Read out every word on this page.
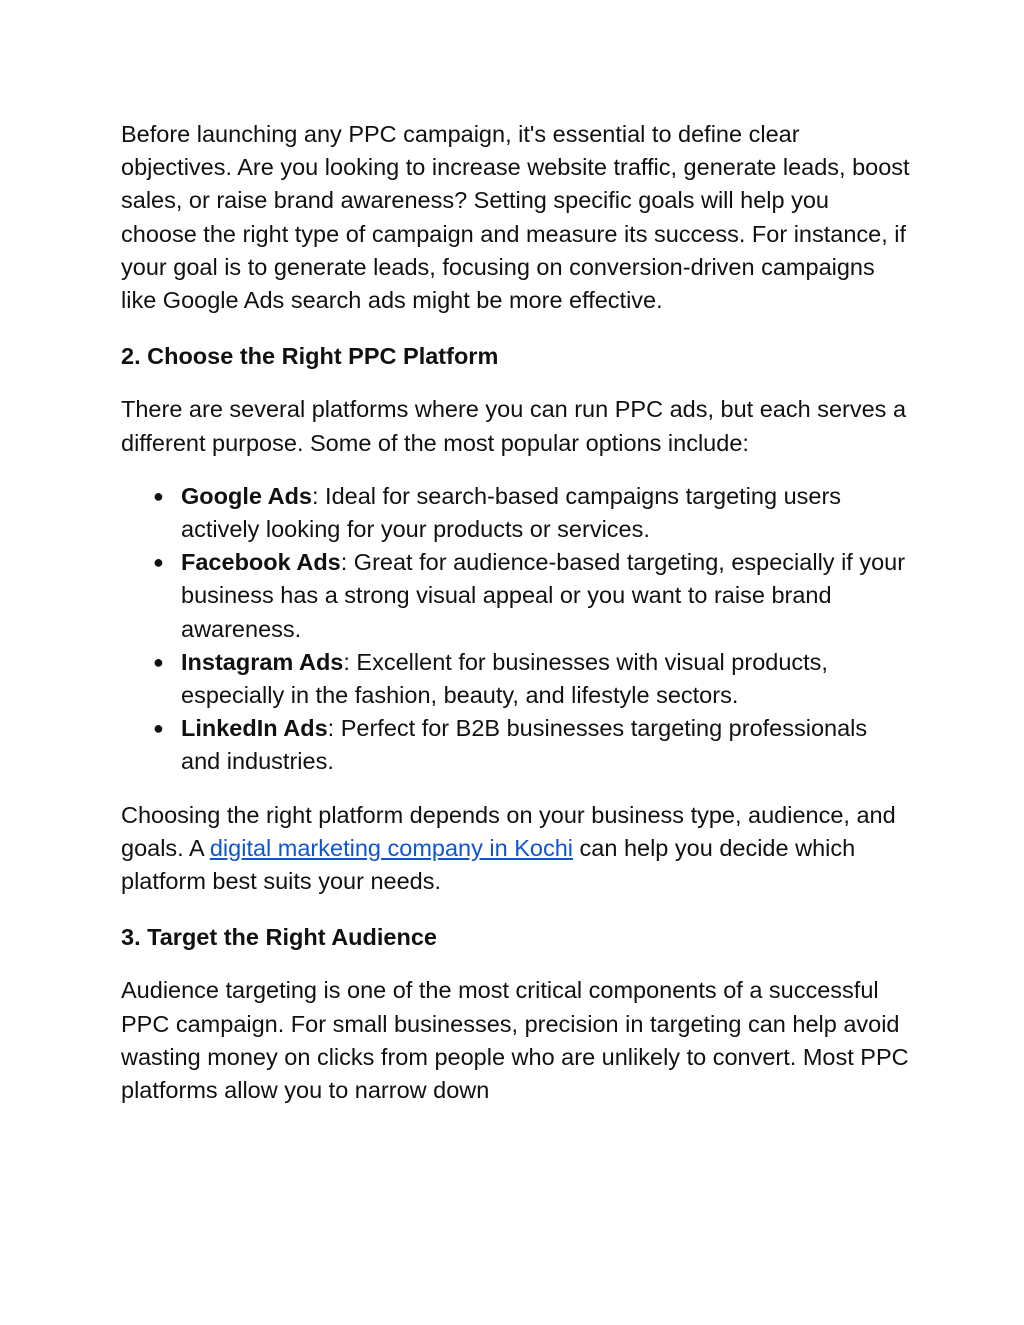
Before launching any PPC campaign, it's essential to define clear objectives. Are you looking to increase website traffic, generate leads, boost sales, or raise brand awareness? Setting specific goals will help you choose the right type of campaign and measure its success. For instance, if your goal is to generate leads, focusing on conversion-driven campaigns like Google Ads search ads might be more effective.

2. Choose the Right PPC Platform

There are several platforms where you can run PPC ads, but each serves a different purpose. Some of the most popular options include:

● Google Ads: Ideal for search-based campaigns targeting users actively looking for your products or services.
● Facebook Ads: Great for audience-based targeting, especially if your business has a strong visual appeal or you want to raise brand awareness.
● Instagram Ads: Excellent for businesses with visual products, especially in the fashion, beauty, and lifestyle sectors.
● LinkedIn Ads: Perfect for B2B businesses targeting professionals and industries.

Choosing the right platform depends on your business type, audience, and goals. A digital marketing company in Kochi can help you decide which platform best suits your needs.

3. Target the Right Audience

Audience targeting is one of the most critical components of a successful PPC campaign. For small businesses, precision in targeting can help avoid wasting money on clicks from people who are unlikely to convert. Most PPC platforms allow you to narrow down
